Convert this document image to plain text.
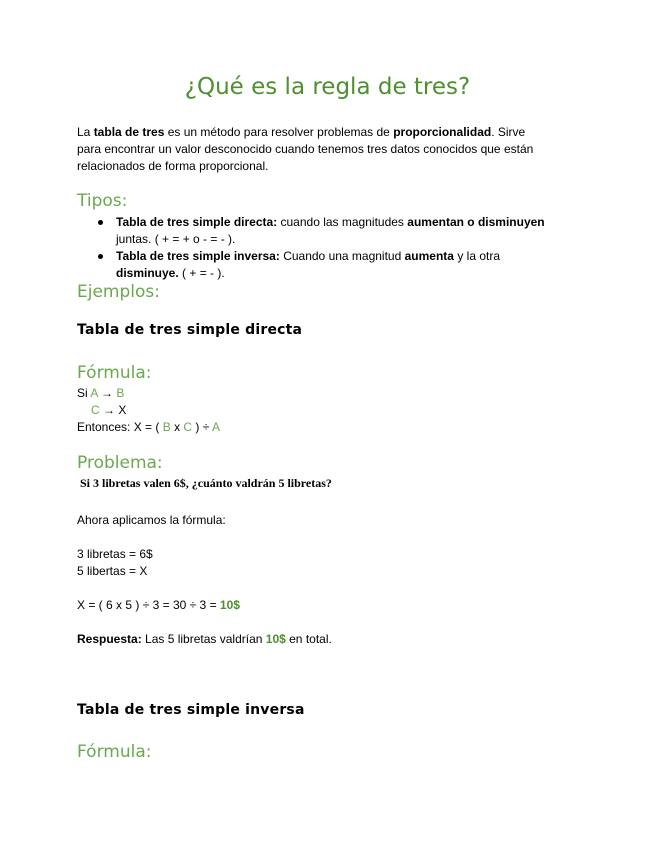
¿Qué es la regla de tres?
La tabla de tres es un método para resolver problemas de proporcionalidad. Sirve
para encontrar un valor desconocido cuando tenemos tres datos conocidos que están
relacionados de forma proporcional.
Tipos:
Tabla de tres simple directa: cuando las magnitudes aumentan o disminuyen
juntas. ( + = + o - = - ).
Tabla de tres simple inversa: Cuando una magnitud aumenta y la otra
disminuye. ( + = - ).
Ejemplos:
Tabla de tres simple directa
Fórmula:
Si A → B
C → X
Entonces: X = ( B x C ) ÷ A
Problema:
Si 3 libretas valen 6$, ¿cuánto valdrán 5 libretas?
Ahora aplicamos la fórmula:
3 libretas = 6$
5 libertas = X
X = ( 6 x 5 ) ÷ 3 = 30 ÷ 3 = 10$
Respuesta: Las 5 libretas valdrían 10$ en total.
Tabla de tres simple inversa
Fórmula:
